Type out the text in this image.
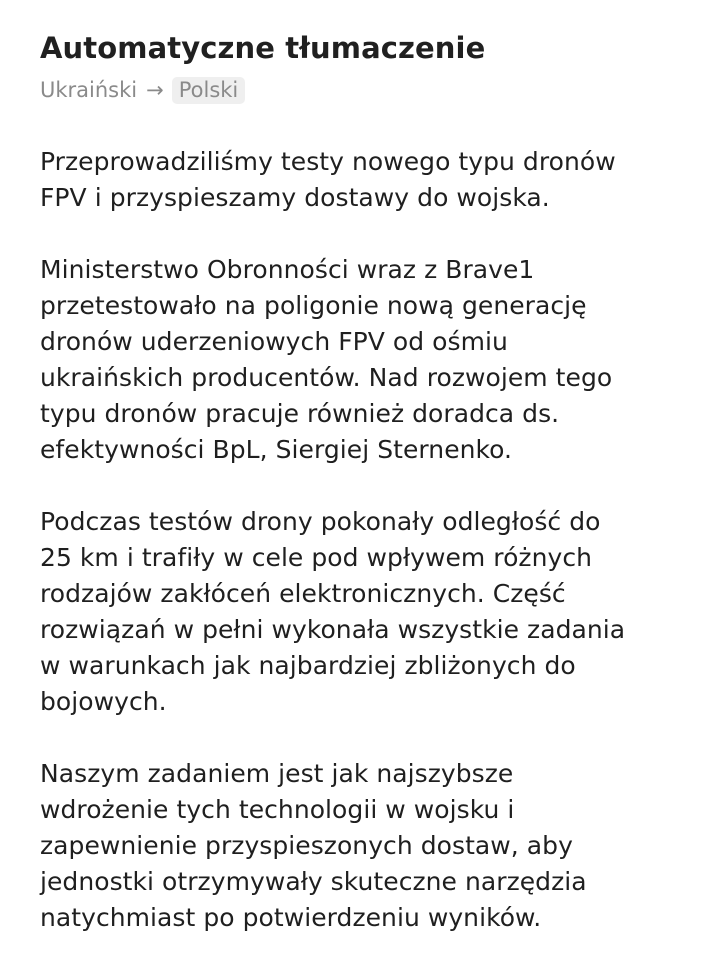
Automatyczne tłumaczenie
Ukraiński → Polski

Przeprowadziliśmy testy nowego typu dronów
FPV i przyspieszamy dostawy do wojska.

Ministerstwo Obronności wraz z Brave1
przetestowało na poligonie nową generację
dronów uderzeniowych FPV od ośmiu
ukraińskich producentów. Nad rozwojem tego
typu dronów pracuje również doradca ds.
efektywności BpL, Siergiej Sternenko.

Podczas testów drony pokonały odległość do
25 km i trafiły w cele pod wpływem różnych
rodzajów zakłóceń elektronicznych. Część
rozwiązań w pełni wykonała wszystkie zadania
w warunkach jak najbardziej zbliżonych do
bojowych.

Naszym zadaniem jest jak najszybsze
wdrożenie tych technologii w wojsku i
zapewnienie przyspieszonych dostaw, aby
jednostki otrzymywały skuteczne narzędzia
natychmiast po potwierdzeniu wyników.
